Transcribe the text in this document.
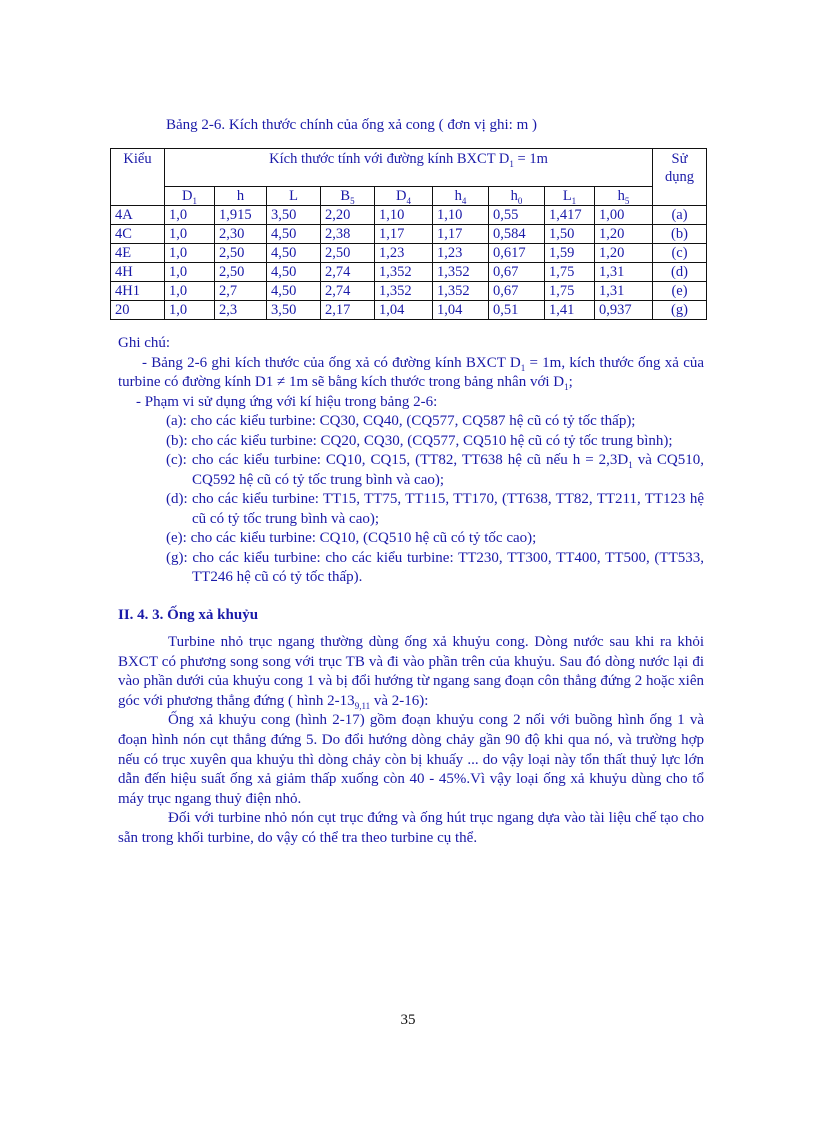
Bảng 2-6. Kích thước chính của ống xả cong ( đơn vị ghi: m )
Kiểu	Kích thước tính với đường kính BXCT $D_1 = 1m$									Sử dụng
	$D_1$	h	L	$B_5$	$D_4$	$h_4$	$h_0$	$L_1$	$h_5$
4A	1,0	1,915	3,50	2,20	1,10	1,10	0,55	1,417	1,00	(a)
4C	1,0	2,30	4,50	2,38	1,17	1,17	0,584	1,50	1,20	(b)
4E	1,0	2,50	4,50	2,50	1,23	1,23	0,617	1,59	1,20	(c)
4H	1,0	2,50	4,50	2,74	1,352	1,352	0,67	1,75	1,31	(d)
4H1	1,0	2,7	4,50	2,74	1,352	1,352	0,67	1,75	1,31	(e)
20	1,0	2,3	3,50	2,17	1,04	1,04	0,51	1,41	0,937	(g)

Ghi chú:

- Bảng 2-6 ghi kích thước của ống xả có đường kính BXCT $D_1 = 1m$, kích thước ống xả của turbine có đường kính D1 ≠ 1m sẽ bằng kích thước trong bảng nhân với $D_1$;

- Phạm vi sử dụng ứng với kí hiệu trong bảng 2-6:

(a): cho các kiểu turbine: CQ30, CQ40, (CQ577, CQ587 hệ cũ có tỷ tốc thấp);

(b): cho các kiểu turbine: CQ20, CQ30, (CQ577, CQ510 hệ cũ có tỷ tốc trung bình);

(c): cho các kiểu turbine: CQ10, CQ15, (TT82, TT638 hệ cũ nếu $h = 2,3D_1$ và CQ510, CQ592 hệ cũ có tỷ tốc trung bình và cao);

(d): cho các kiểu turbine: TT15, TT75, TT115, TT170, (TT638, TT82, TT211, TT123 hệ cũ có tỷ tốc trung bình và cao);

(e): cho các kiểu turbine: CQ10, (CQ510 hệ cũ có tỷ tốc cao);

(g): cho các kiểu turbine: cho các kiểu turbine: TT230, TT300, TT400, TT500, (TT533, TT246 hệ cũ có tỷ tốc thấp).

II. 4. 3. Ống xả khuỷu

Turbine nhỏ trục ngang thường dùng ống xả khuỷu cong. Dòng nước sau khi ra khỏi BXCT có phương song song với trục TB và đi vào phần trên của khuỷu. Sau đó dòng nước lại đi vào phần dưới của khuỷu cong 1 và bị đổi hướng từ ngang sang đoạn côn thẳng đứng 2 hoặc xiên góc với phương thẳng đứng ( hình $2-13_{9,11}$ và 2-16):

Ống xả khuỷu cong (hình 2-17) gồm đoạn khuỷu cong 2 nối với buồng hình ống 1 và đoạn hình nón cụt thẳng đứng 5. Do đổi hướng dòng chảy gần 90 độ khi qua nó, và trường hợp nếu có trục xuyên qua khuỷu thì dòng chảy còn bị khuấy ... do vậy loại này tổn thất thuỷ lực lớn dẫn đến hiệu suất ống xả giảm thấp xuống còn 40 - 45%.Vì vậy loại ống xả khuỷu dùng cho tổ máy trục ngang thuỷ điện nhỏ.

Đối với turbine nhỏ nón cụt trục đứng và ống hút trục ngang dựa vào tài liệu chế tạo cho sẵn trong khối turbine, do vậy có thể tra theo turbine cụ thể.

35
